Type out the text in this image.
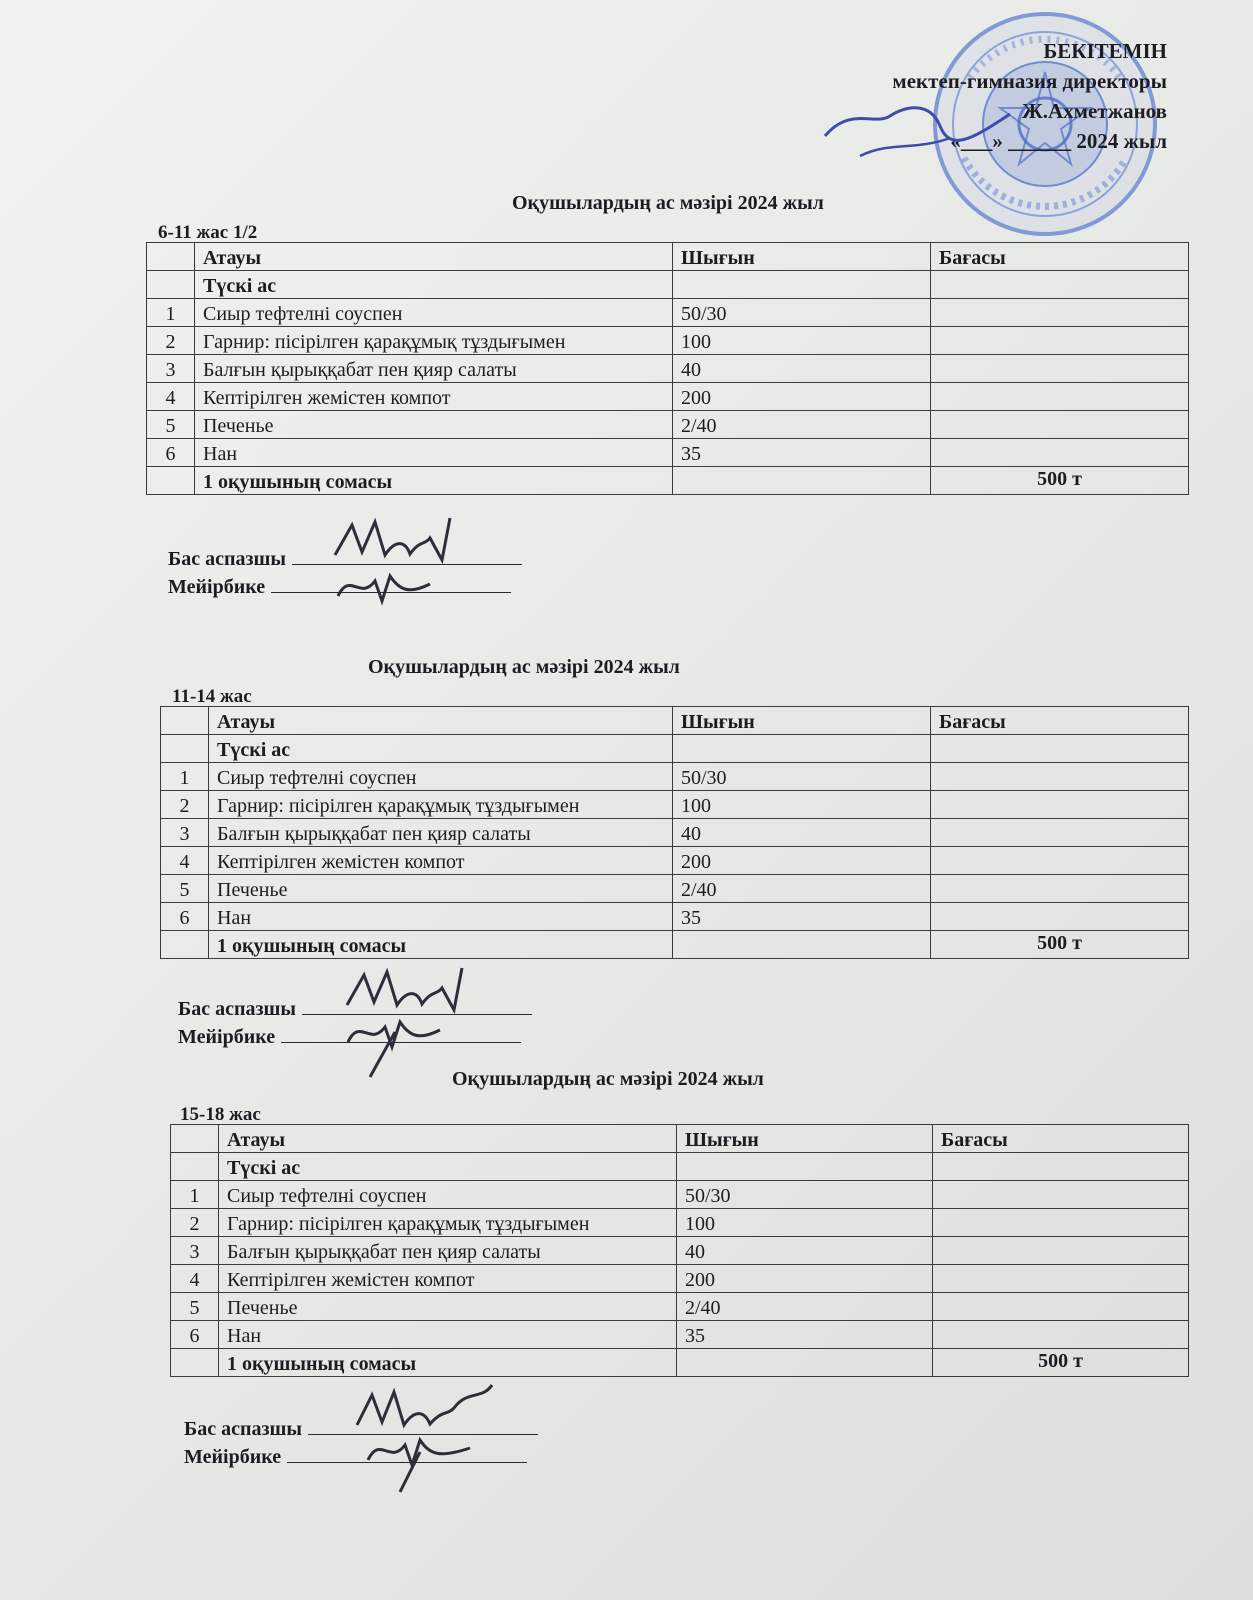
БЕКІТЕМІН
мектеп-гимназия директоры
Ж.Ахметжанов
«___» ______ 2024 жыл
Оқушылардың ас мәзірі 2024 жыл
6-11 жас 1/2
	Атауы	Шығын	Бағасы
	Түскі ас		
1	Сиыр тефтелні соуспен	50/30	
2	Гарнир: пісірілген қарақұмық тұздығымен	100	
3	Балғын қырыққабат пен қияр салаты	40	
4	Кептірілген жемістен компот	200	
5	Печенье	2/40	
6	Нан	35	
	1 оқушының сомасы		500 т
Бас аспазшы
Мейірбике
Оқушылардың ас мәзірі 2024 жыл
11-14 жас
	Атауы	Шығын	Бағасы
	Түскі ас		
1	Сиыр тефтелні соуспен	50/30	
2	Гарнир: пісірілген қарақұмық тұздығымен	100	
3	Балғын қырыққабат пен қияр салаты	40	
4	Кептірілген жемістен компот	200	
5	Печенье	2/40	
6	Нан	35	
	1 оқушының сомасы		500 т
Бас аспазшы
Мейірбике
Оқушылардың ас мәзірі 2024 жыл
15-18 жас
	Атауы	Шығын	Бағасы
	Түскі ас		
1	Сиыр тефтелні соуспен	50/30	
2	Гарнир: пісірілген қарақұмық тұздығымен	100	
3	Балғын қырыққабат пен қияр салаты	40	
4	Кептірілген жемістен компот	200	
5	Печенье	2/40	
6	Нан	35	
	1 оқушының сомасы		500 т
Бас аспазшы
Мейірбике
